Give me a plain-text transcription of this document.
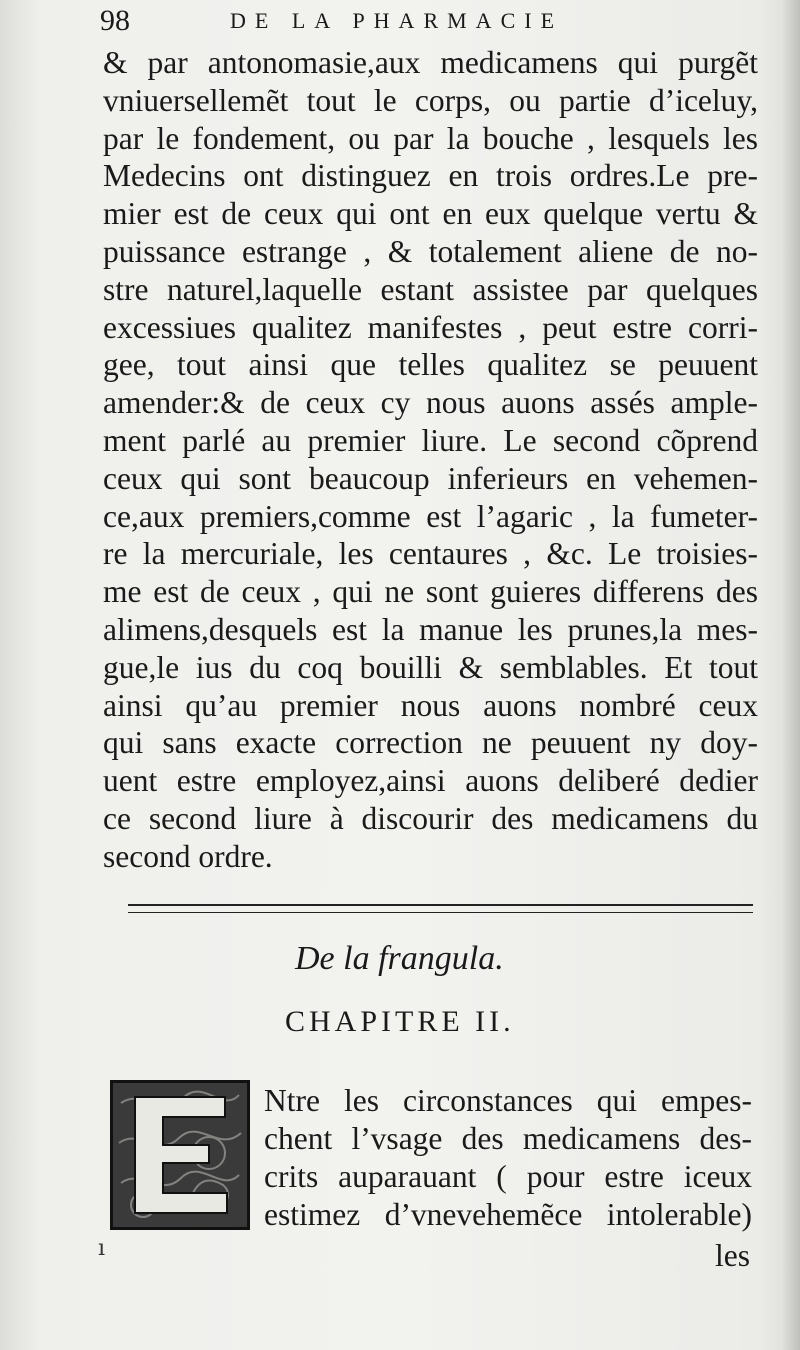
98	DE LA PHARMACIE
& par antonomasie,aux medicamens qui purgẽt
vniuersellemẽt tout le corps, ou partie d’iceluy,
par le fondement, ou par la bouche , lesquels les
Medecins ont distinguez en trois ordres.Le pre-
mier est de ceux qui ont en eux quelque vertu &
puissance estrange , & totalement aliene de no-
stre naturel,laquelle estant assistee par quelques
excessiues qualitez manifestes , peut estre corri-
gee, tout ainsi que telles qualitez se peuuent
amender:& de ceux cy nous auons assés ample-
ment parlé au premier liure. Le second cõprend
ceux qui sont beaucoup inferieurs en vehemen-
ce,aux premiers,comme est l’agaric , la fumeter-
re la mercuriale, les centaures , &c. Le troisies-
me est de ceux , qui ne sont guieres differens des
alimens,desquels est la manue les prunes,la mes-
gue,le ius du coq bouilli & semblables. Et tout
ainsi qu’au premier nous auons nombré ceux
qui sans exacte correction ne peuuent ny doy-
uent estre employez,ainsi auons deliberé dedier
ce second liure à discourir des medicamens du
second ordre.
De la frangula.
CHAPITRE II.
Ntre les circonstances qui empes-
chent l’vsage des medicamens des-
crits auparauant ( pour estre iceux
estimez d’vnevehemẽce intolerable)
ı	les
